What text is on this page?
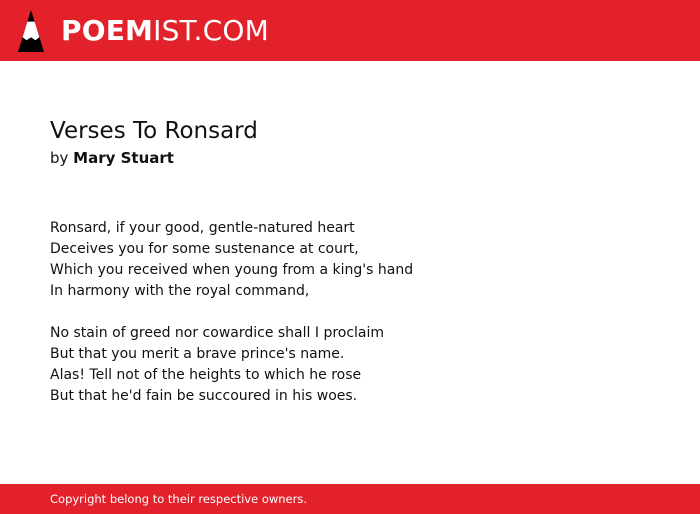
POEMIST.COM
Verses To Ronsard
by Mary Stuart
Ronsard, if your good, gentle-natured heart
Deceives you for some sustenance at court,
Which you received when young from a king's hand
In harmony with the royal command,
No stain of greed nor cowardice shall I proclaim
But that you merit a brave prince's name.
Alas! Tell not of the heights to which he rose
But that he'd fain be succoured in his woes.
Copyright belong to their respective owners.
